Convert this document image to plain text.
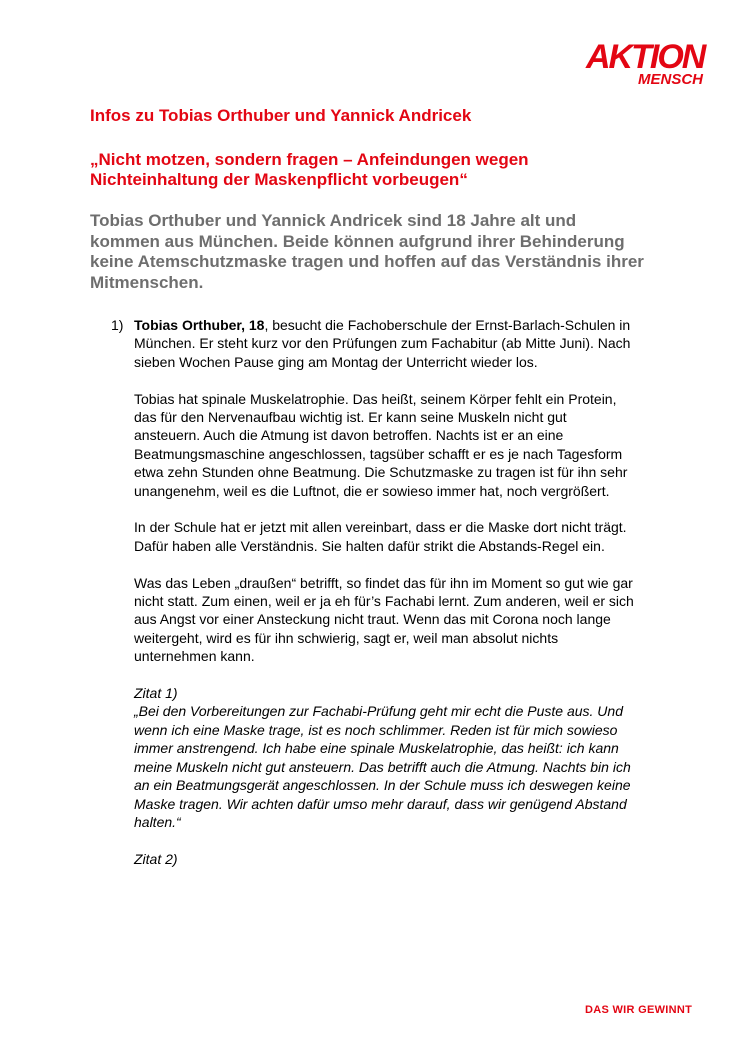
AKTION
MENSCH
Infos zu Tobias Orthuber und Yannick Andricek
„Nicht motzen, sondern fragen – Anfeindungen wegen Nichteinhaltung der Maskenpflicht vorbeugen“
Tobias Orthuber und Yannick Andricek sind 18 Jahre alt und kommen aus München. Beide können aufgrund ihrer Behinderung keine Atemschutzmaske tragen und hoffen auf das Verständnis ihrer Mitmenschen.
1) Tobias Orthuber, 18, besucht die Fachoberschule der Ernst-Barlach-Schulen in München. Er steht kurz vor den Prüfungen zum Fachabitur (ab Mitte Juni). Nach sieben Wochen Pause ging am Montag der Unterricht wieder los.

Tobias hat spinale Muskelatrophie. Das heißt, seinem Körper fehlt ein Protein, das für den Nervenaufbau wichtig ist. Er kann seine Muskeln nicht gut ansteuern. Auch die Atmung ist davon betroffen. Nachts ist er an eine Beatmungsmaschine angeschlossen, tagsüber schafft er es je nach Tagesform etwa zehn Stunden ohne Beatmung. Die Schutzmaske zu tragen ist für ihn sehr unangenehm, weil es die Luftnot, die er sowieso immer hat, noch vergrößert.

In der Schule hat er jetzt mit allen vereinbart, dass er die Maske dort nicht trägt. Dafür haben alle Verständnis. Sie halten dafür strikt die Abstands-Regel ein.

Was das Leben „draußen“ betrifft, so findet das für ihn im Moment so gut wie gar nicht statt. Zum einen, weil er ja eh für’s Fachabi lernt. Zum anderen, weil er sich aus Angst vor einer Ansteckung nicht traut. Wenn das mit Corona noch lange weitergeht, wird es für ihn schwierig, sagt er, weil man absolut nichts unternehmen kann.

Zitat 1)
„Bei den Vorbereitungen zur Fachabi-Prüfung geht mir echt die Puste aus. Und wenn ich eine Maske trage, ist es noch schlimmer. Reden ist für mich sowieso immer anstrengend. Ich habe eine spinale Muskelatrophie, das heißt: ich kann meine Muskeln nicht gut ansteuern. Das betrifft auch die Atmung. Nachts bin ich an ein Beatmungsgerät angeschlossen. In der Schule muss ich deswegen keine Maske tragen. Wir achten dafür umso mehr darauf, dass wir genügend Abstand halten.“

Zitat 2)

DAS WIR GEWINNT
